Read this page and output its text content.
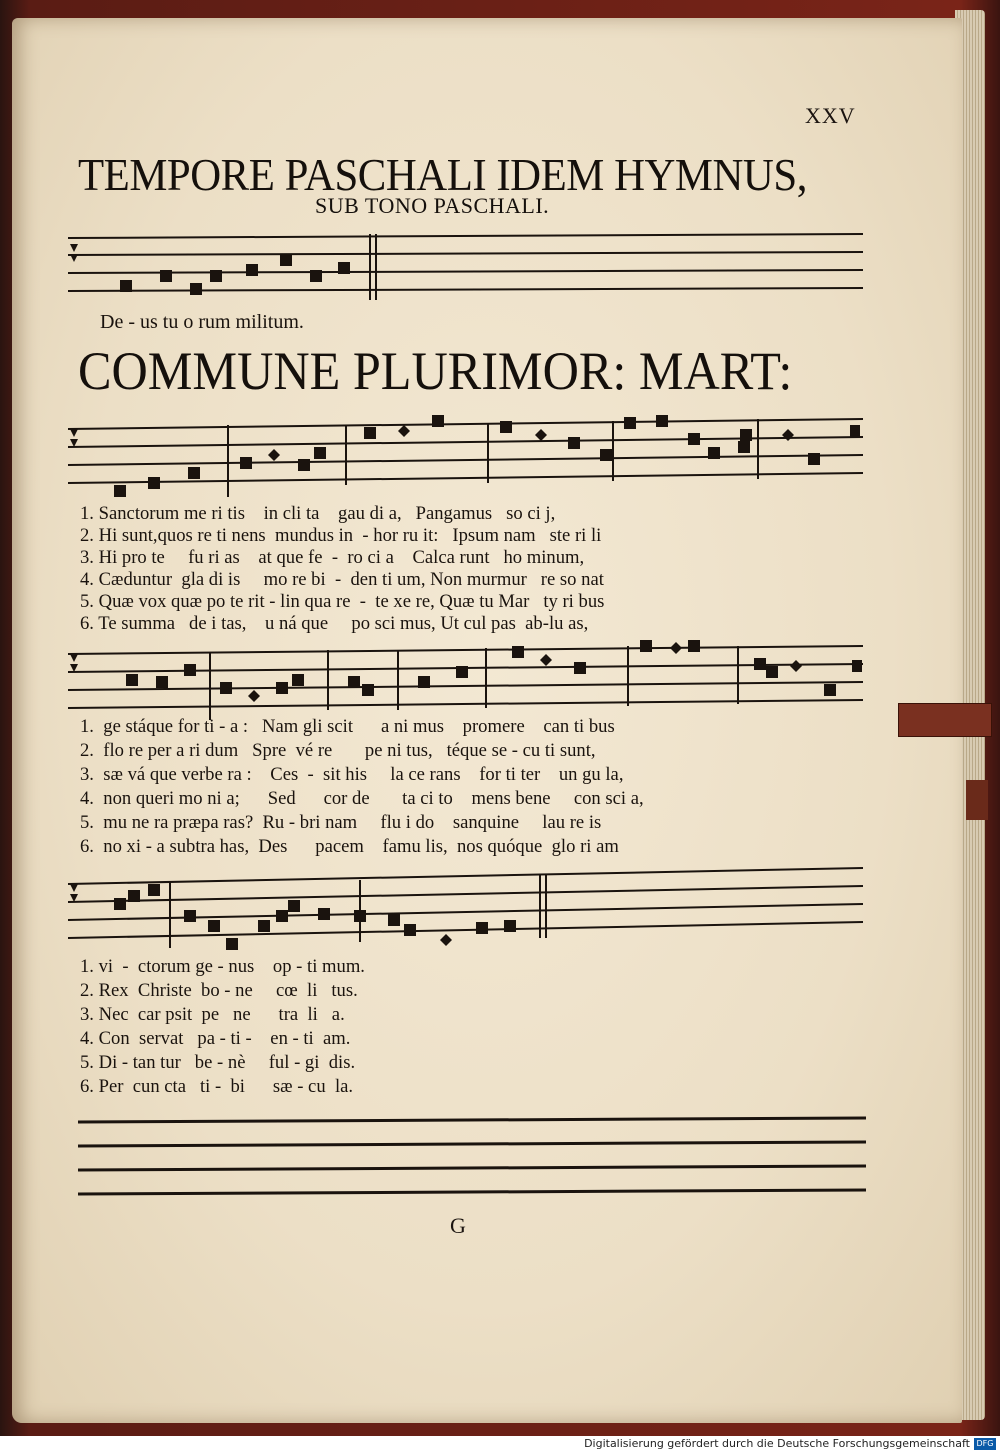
XXV
TEMPORE PASCHALI IDEM HYMNUS,
SUB TONO PASCHALI.
De - us tu o rum militum.
COMMUNE PLURIMOR: MART:
1. Sanctorum me ri tis    in cli ta    gau di a,   Pangamus   so ci j,
2. Hi sunt,quos re ti nens  mundus in  - hor ru it:   Ipsum nam   ste ri li
3. Hi pro te     fu ri as    at que fe  -  ro ci a    Calca runt   ho minum,
4. Cæduntur  gla di is     mo re bi  -  den ti um, Non murmur   re so nat
5. Quæ vox quæ po te rit - lin qua re  -  te xe re, Quæ tu Mar   ty ri bus
6. Te summa   de i tas,    u ná que     po sci mus, Ut cul pas  ab-lu as,
1.  ge stáque for ti - a :   Nam gli scit      a ni mus    promere    can ti bus
2.  flo re per a ri dum   Spre  vé re       pe ni tus,   téque se - cu ti sunt,
3.  sæ vá que verbe ra :    Ces  -  sit his     la ce rans    for ti ter    un gu la,
4.  non queri mo ni a;      Sed      cor de       ta ci to    mens bene     con sci a,
5.  mu ne ra præpa ras?  Ru - bri nam     flu i do    sanquine     lau re is
6.  no xi - a subtra has,  Des      pacem    famu lis,  nos quóque  glo ri am
1. vi  -  ctorum ge - nus    op - ti mum.
2. Rex  Christe  bo - ne     cœ  li   tus.
3. Nec  car psit  pe   ne      tra  li   a.
4. Con  servat   pa - ti -    en - ti  am.
5. Di - tan tur   be - nè     ful - gi  dis.
6. Per  cun cta   ti -  bi      sæ - cu  la.
G
Digitalisierung gefördert durch die Deutsche Forschungsgemeinschaft DFG
